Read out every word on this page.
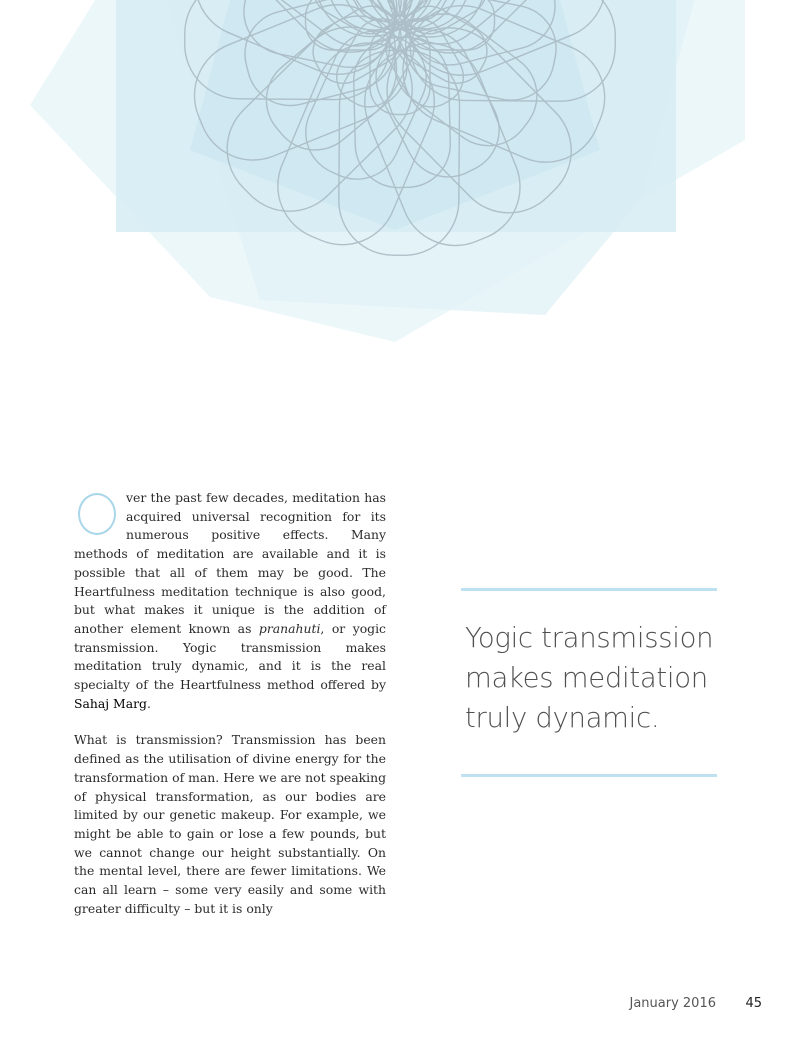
ver the past few decades, meditation has acquired universal recognition for its numerous positive effects. Many methods of meditation are available and it is possible that all of them may be good. The Heartfulness meditation technique is also good, but what makes it unique is the addition of another element known as pranahuti, or yogic transmission. Yogic transmission makes meditation truly dynamic, and it is the real specialty of the Heartfulness method offered by Sahaj Marg.

What is transmission? Transmission has been defined as the utilisation of divine energy for the transformation of man. Here we are not speaking of physical transformation, as our bodies are limited by our genetic makeup. For example, we might be able to gain or lose a few pounds, but we cannot change our height substantially. On the mental level, there are fewer limitations. We can all learn – some very easily and some with greater difficulty – but it is only

Yogic transmission makes meditation truly dynamic.
January 2016 45
